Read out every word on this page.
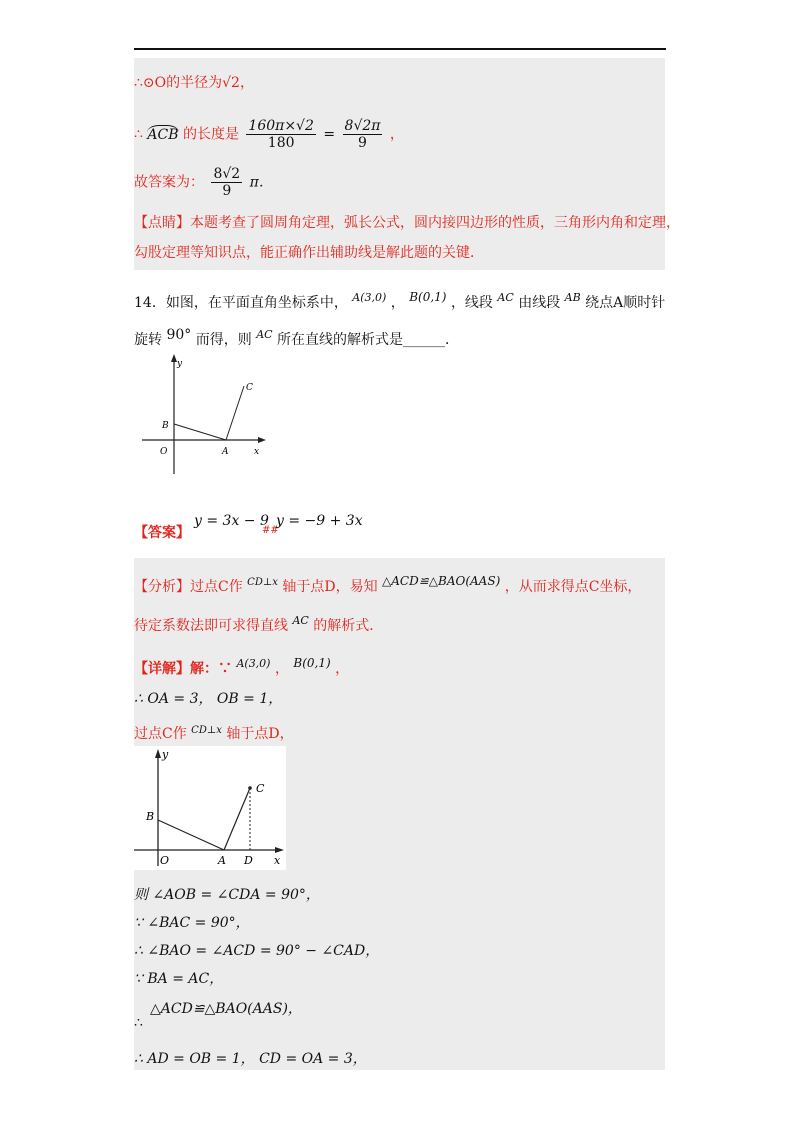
∴⊙O的半径为√2，
∴ ACB 的长度是 $\frac{160\pi\times√2}{180} = \frac{8√2\pi}{9}$ ，
故答案为： $\frac{8√2}{9}$ π．
【点睛】本题考查了圆周角定理，弧长公式，圆内接四边形的性质，三角形内角和定理，
勾股定理等知识点，能正确作出辅助线是解此题的关键．
14．如图，在平面直角坐标系中， $^{A(3,0)}$ ， B(0,1) ，线段 $^{AC}$ 由线段 $^{AB}$ 绕点A顺时针
旋转 90° 而得，则 $^{AC}$ 所在直线的解析式是______．
y
x
O	A
B
C
【答案】
y = 3x − 9
##
y = −9 + 3x
【分析】过点C作 $^{CD\perp x}$ 轴于点D，易知 △ACD≌△BAO(AAS) ，从而求得点C坐标，
待定系数法即可求得直线 $^{AC}$ 的解析式．
【详解】解：∵ $^{A(3,0)}$ ， B(0,1) ，
∴ OA = 3， OB = 1，
过点C作 $^{CD\perp x}$ 轴于点D，
y
x
O	A D
B
C
则 ∠AOB = ∠CDA = 90°，
∵ ∠BAC = 90°，
∴ ∠BAO = ∠ACD = 90° − ∠CAD，
∵ BA = AC，
∴
△ACD≌△BAO(AAS)，
∴ AD = OB = 1， CD = OA = 3，
